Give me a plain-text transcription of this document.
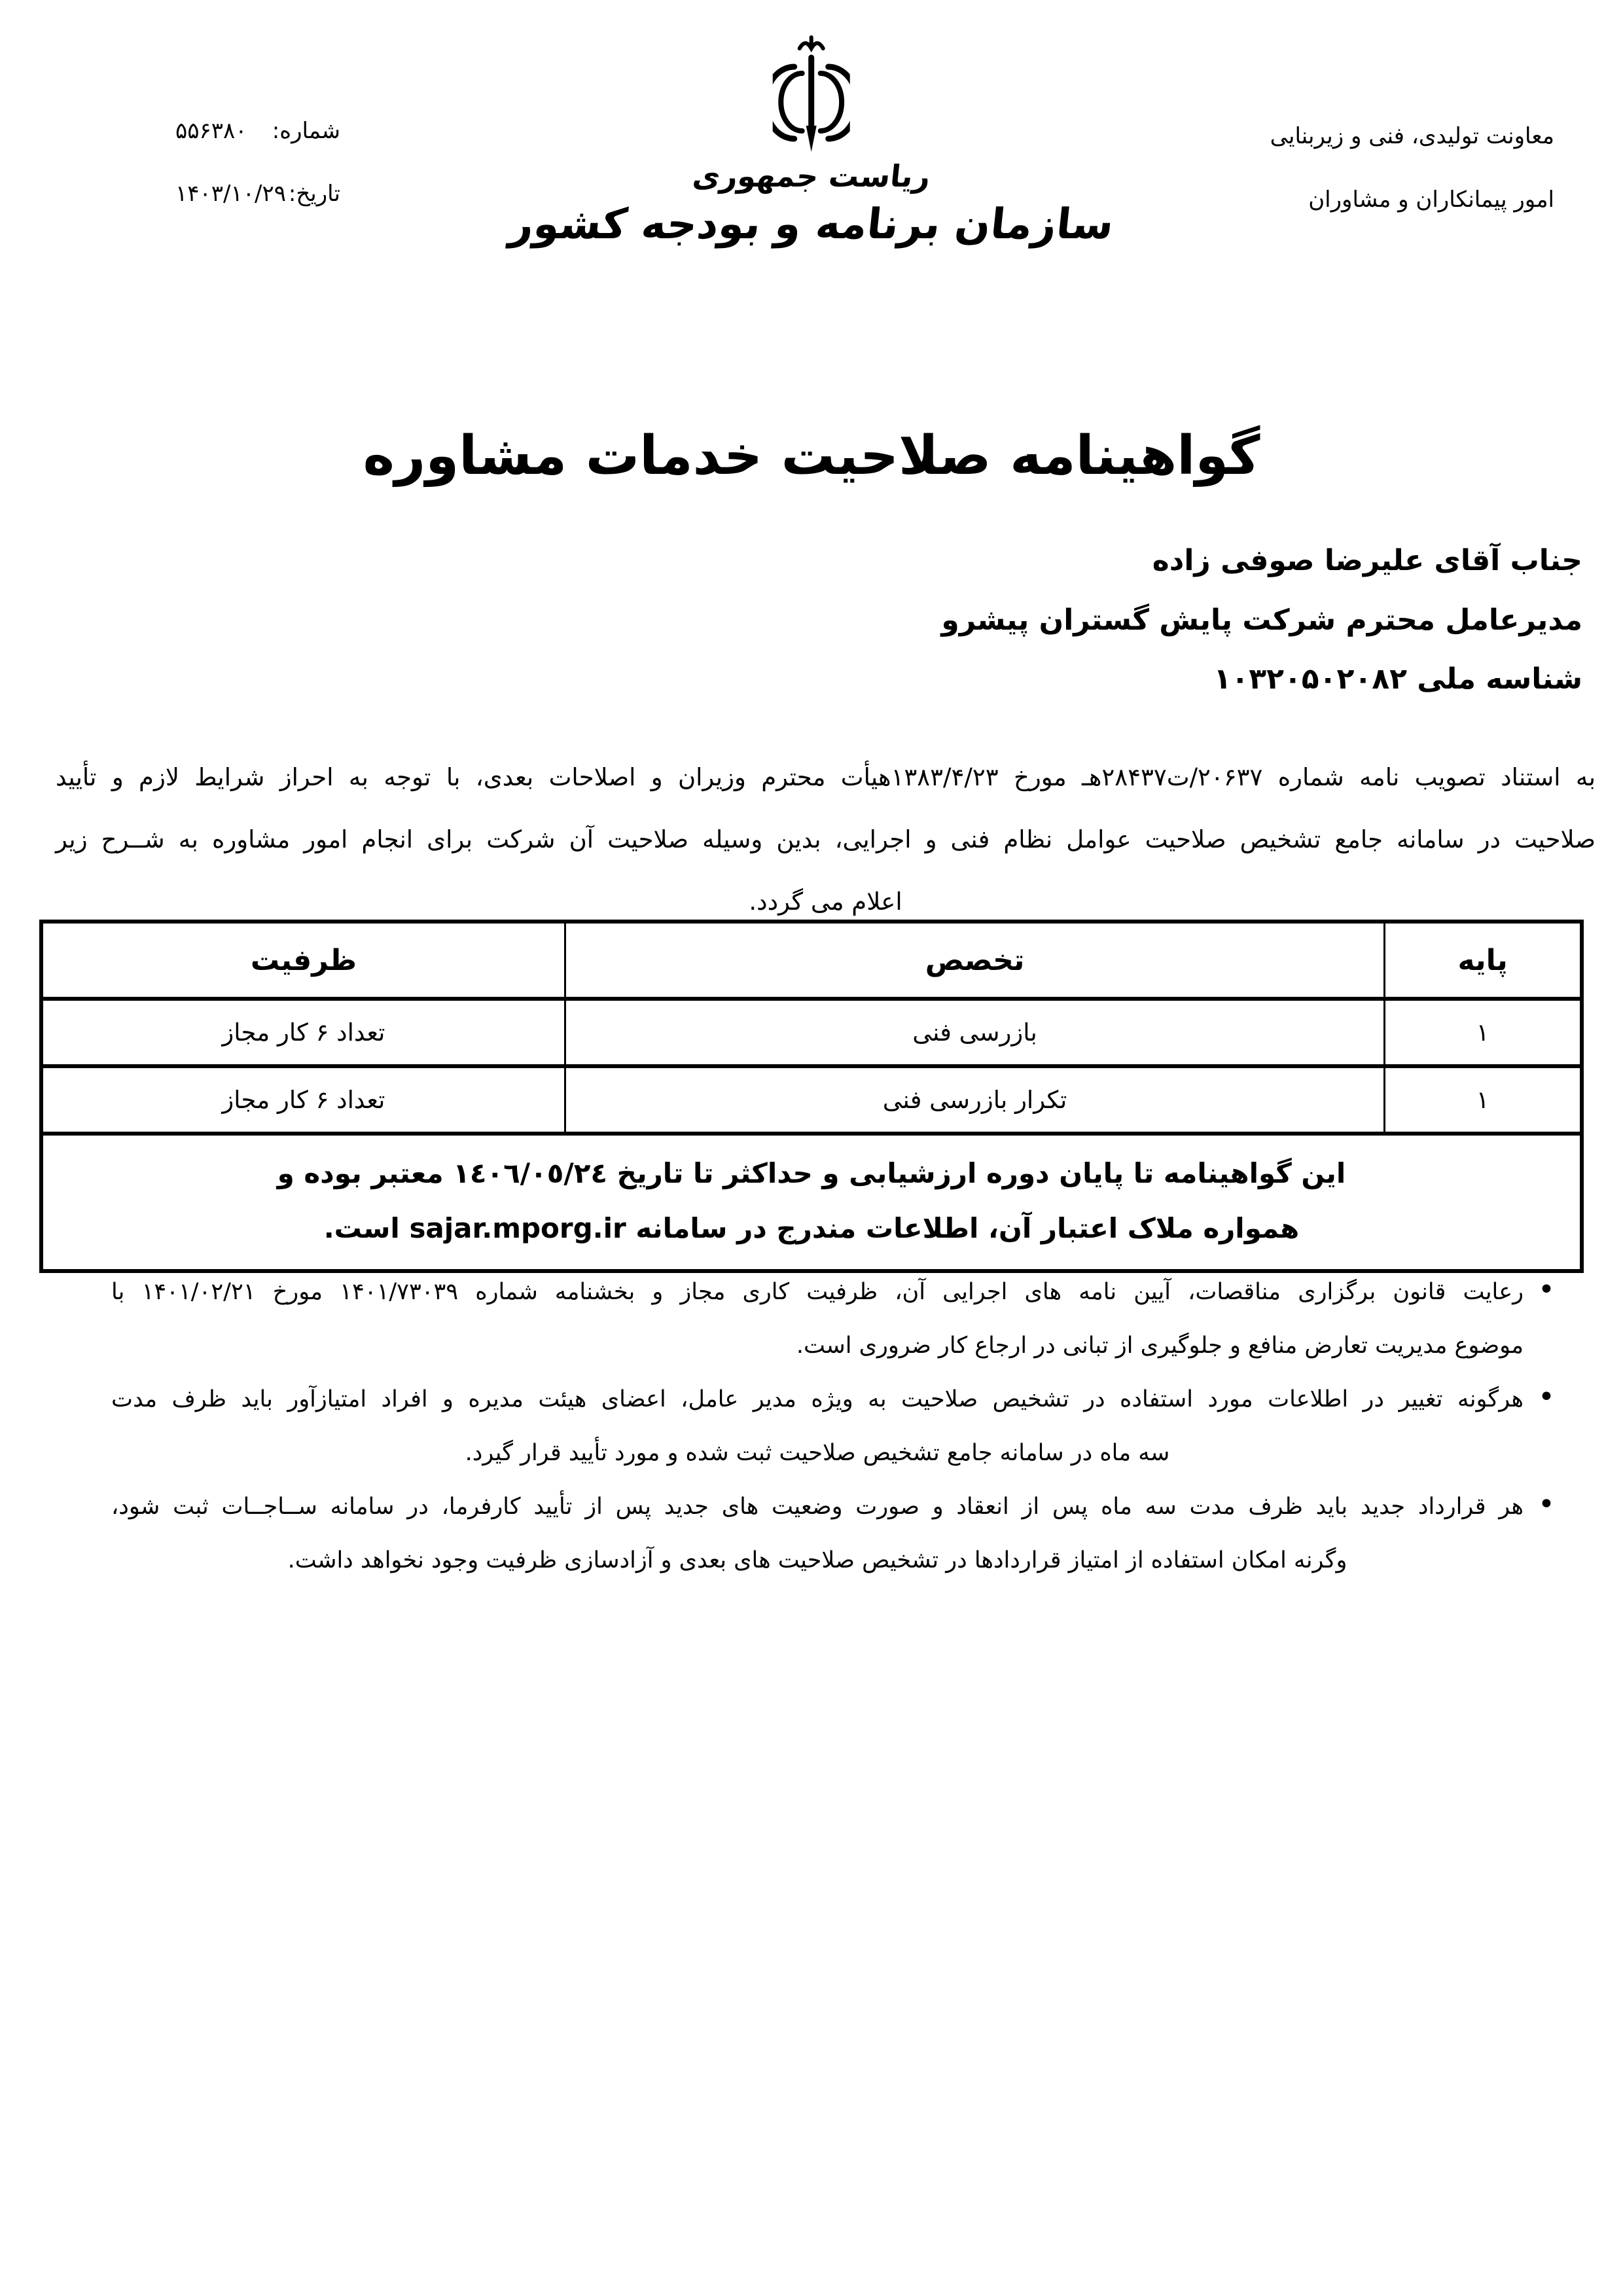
شماره:
۵۵۶۳۸۰
تاریخ:
۱۴۰۳/۱۰/۲۹
معاونت تولیدی، فنی و زیربنایی
امور پیمانکاران و مشاوران
ریاست جمهوری
سازمان برنامه و بودجه کشور
گواهینامه صلاحیت خدمات مشاوره
جناب آقای علیرضا صوفی زاده
مدیرعامل محترم شرکت پایش گستران پیشرو
شناسه ملی ۱۰۳۲۰۵۰۲۰۸۲
به استناد تصویب نامه شماره ۲۰۶۳۷/ت۲۸۴۳۷هـ مورخ ۱۳۸۳/۴/۲۳هیأت محترم وزیران و اصلاحات بعدی، با توجه به احراز شرایط لازم و تأیید
صلاحیت در سامانه جامع تشخیص صلاحیت عوامل نظام فنی و اجرایی، بدین وسیله صلاحیت آن شرکت برای انجام امور مشاوره به شــرح زیر
اعلام می گردد.
پایه	تخصص	ظرفیت
۱	بازرسی فنی	تعداد ۶ کار مجاز
۱	تکرار بازرسی فنی	تعداد ۶ کار مجاز

این گواهینامه تا پایان دوره ارزشیابی و حداکثر تا تاریخ ١٤٠٦/٠٥/٢٤ معتبر بوده و
همواره ملاک اعتبار آن، اطلاعات مندرج در سامانه sajar.mporg.ir است.		
• رعایت قانون برگزاری مناقصات، آیین نامه های اجرایی آن، ظرفیت کاری مجاز و بخشنامه شماره ۱۴۰۱/۷۳۰۳۹ مورخ ۱۴۰۱/۰۲/۲۱ با
موضوع مدیریت تعارض منافع و جلوگیری از تبانی در ارجاع کار ضروری است.
• هرگونه تغییر در اطلاعات مورد استفاده در تشخیص صلاحیت به ویژه مدیر عامل، اعضای هیئت مدیره و افراد امتیازآور باید ظرف مدت
سه ماه در سامانه جامع تشخیص صلاحیت ثبت شده و مورد تأیید قرار گیرد.
• هر قرارداد جدید باید ظرف مدت سه ماه پس از انعقاد و صورت وضعیت های جدید پس از تأیید کارفرما، در سامانه ســاجــات ثبت شود،
وگرنه امکان استفاده از امتیاز قراردادها در تشخیص صلاحیت های بعدی و آزادسازی ظرفیت وجود نخواهد داشت.
